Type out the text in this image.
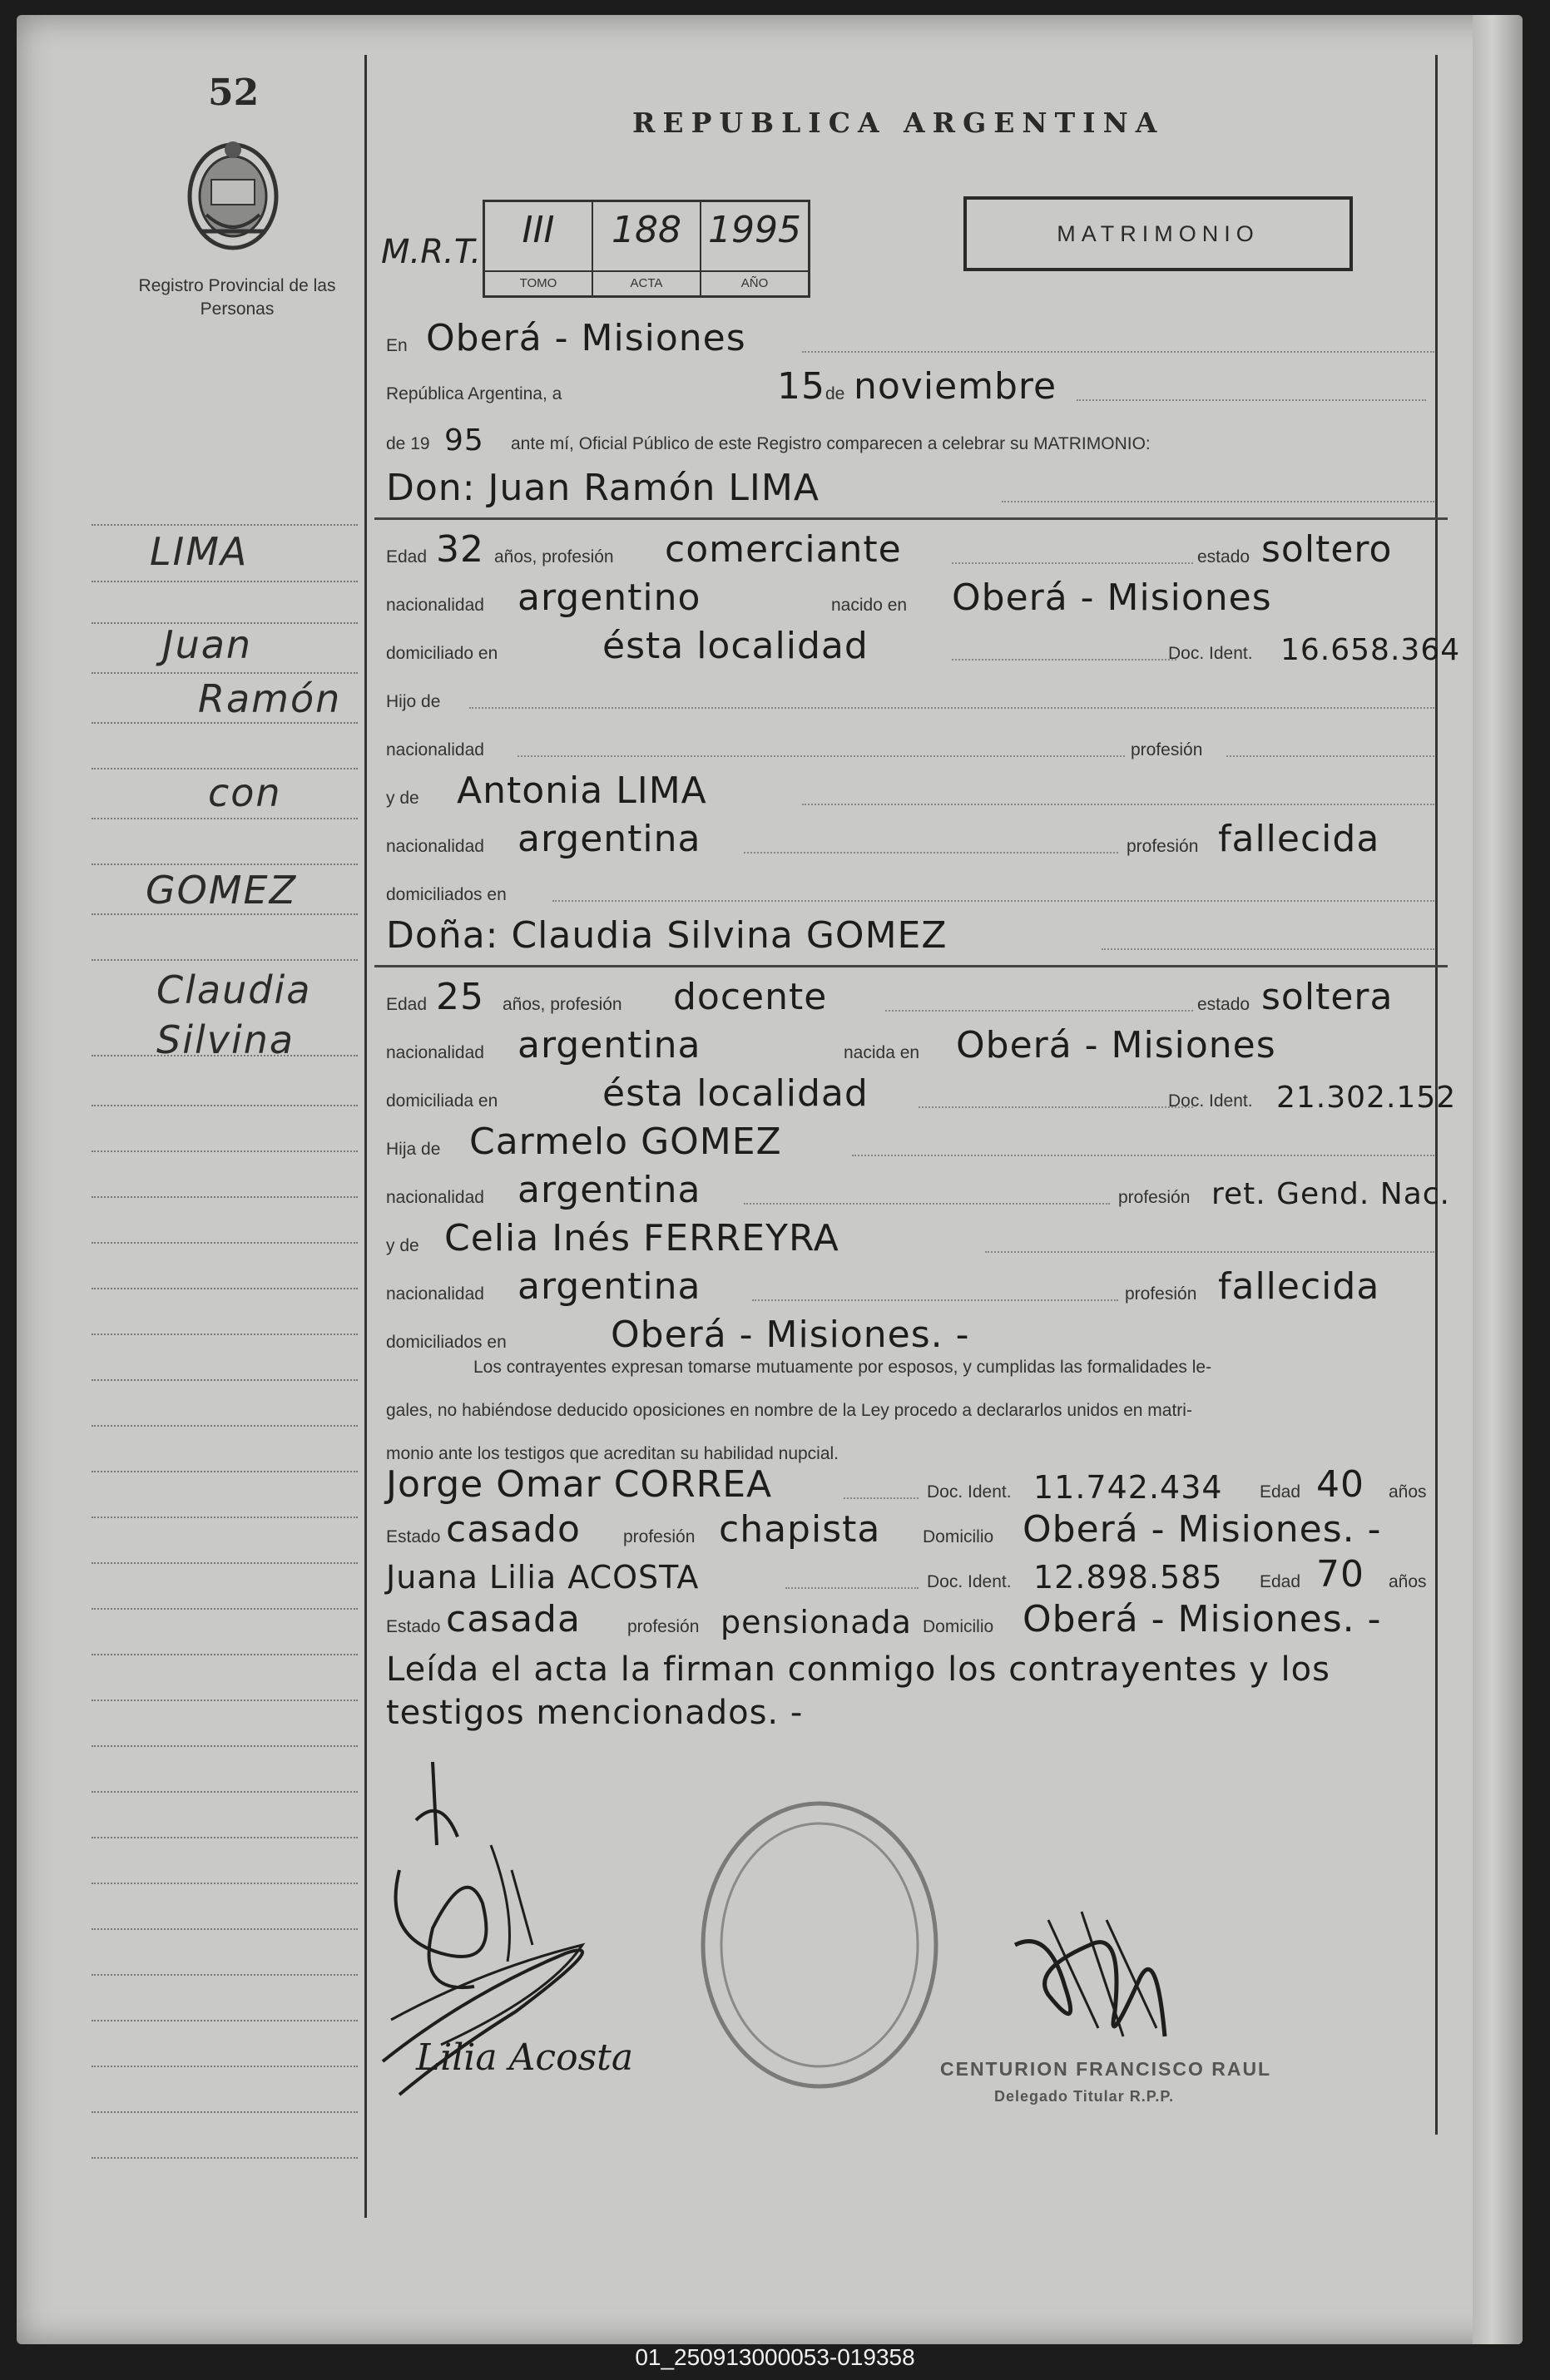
52
Registro Provincial de las Personas
LIMA
Juan
Ramón
con
GOMEZ
Claudia
Silvina
REPUBLICA ARGENTINA
M.R.T.
III
TOMO
188
ACTA
1995
AÑO
MATRIMONIO
En Oberá - Misiones
República Argentina, a	15 de noviembre
de 19 95 ante mí, Oficial Público de este Registro comparecen a celebrar su MATRIMONIO:
Don: Juan Ramón LIMA
Edad 32 años, profesión comerciante	estado soltero
nacionalidad argentino	nacido en Oberá - Misiones
domiciliado en	ésta localidad	Doc. Ident. 16.658.364
Hijo de
nacionalidad	profesión
y de Antonia LIMA
nacionalidad argentina	profesión fallecida
domiciliados en
Doña: Claudia Silvina GOMEZ
Edad 25 años, profesión docente	estado soltera
nacionalidad argentina	nacida en Oberá - Misiones
domiciliada en	ésta localidad	Doc. Ident. 21.302.152
Hija de Carmelo GOMEZ
nacionalidad argentina	profesión ret. Gend. Nac.
y de Celia Inés FERREYRA
nacionalidad argentina	profesión fallecida
domiciliados en	Oberá - Misiones. -

Los contrayentes expresan tomarse mutuamente por esposos, y cumplidas las formalidades le-

gales, no habiéndose deducido oposiciones en nombre de la Ley procedo a declararlos unidos en matri-

monio ante los testigos que acreditan su habilidad nupcial.

Jorge Omar CORREA	Doc. Ident. 11.742.434 Edad 40 años
Estado casado profesión chapista Domicilio Oberá - Misiones. -
Juana Lilia ACOSTA	Doc. Ident. 12.898.585 Edad 70 años
Estado casada	profesión pensionada Domicilio Oberá - Misiones. -
Leída el acta la firman conmigo los contrayentes y los
testigos mencionados. -
Lilia Acosta	CENTURION FRANCISCO RAUL
Delegado Titular R.P.P.
01_250913000053-019358
